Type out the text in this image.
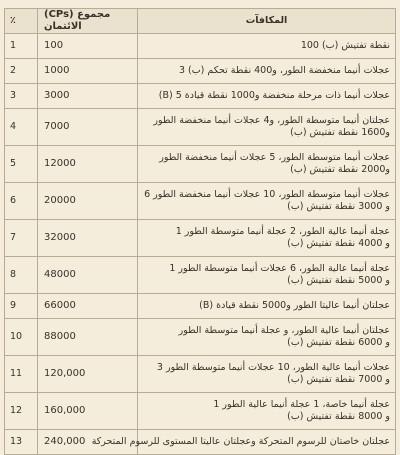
٪	(CPs) مجموع الائتمان	المكافآت
1	100	نقطة تفتيش (ب) 100

2	1000	عجلات أنيما منخفضة الطور، و400 نقطة تحكم (ب) 3

3	3000	عجلات أنيما ذات مرحلة منخفضة و1000 نقطة قيادة 5 (B)

4	7000	عجلتان أنيما متوسطة الطور، و4 عجلات أنيما منخفضة الطور
و1600 نقطة تفتيش (ب)

5	12000	عجلات أنيما متوسطة الطور، 5 عجلات أنيما منخفضة الطور
و2000 نقطة تفتيش (ب)

6	20000	عجلات أنيما متوسطة الطور، 10 عجلات أنيما منخفضة الطور 6
و 3000 نقطة تفتيش (ب)

7	32000	عجلة أنيما عالية الطور، 2 عجلة أنيما متوسطة الطور 1
و 4000 نقطة تفتيش (ب)

8	48000	عجلة أنيما عالية الطور، 6 عجلات أنيما متوسطة الطور 1
و 5000 نقطة تفتيش (ب)

9	66000	عجلتان أنيما عاليتا الطور و5000 نقطة قيادة (B)

10	88000	عجلتان أنيما عالية الطور، و عجلة أنيما متوسطة الطور
و 6000 نقطة تفتيش (ب)

11	120,000	عجلات أنيما عالية الطور، 10 عجلات أنيما متوسطة الطور 3
و 7000 نقطة تفتيش (ب)

12	160,000	عجلة أنيما خاصة، 1 عجلة أنيما عالية الطور 1
و 8000 نقطة تفتيش (ب)

13	240,000	عجلتان خاصتان للرسوم المتحركة وعجلتان عاليتا المستوى للرسوم المتحركة
